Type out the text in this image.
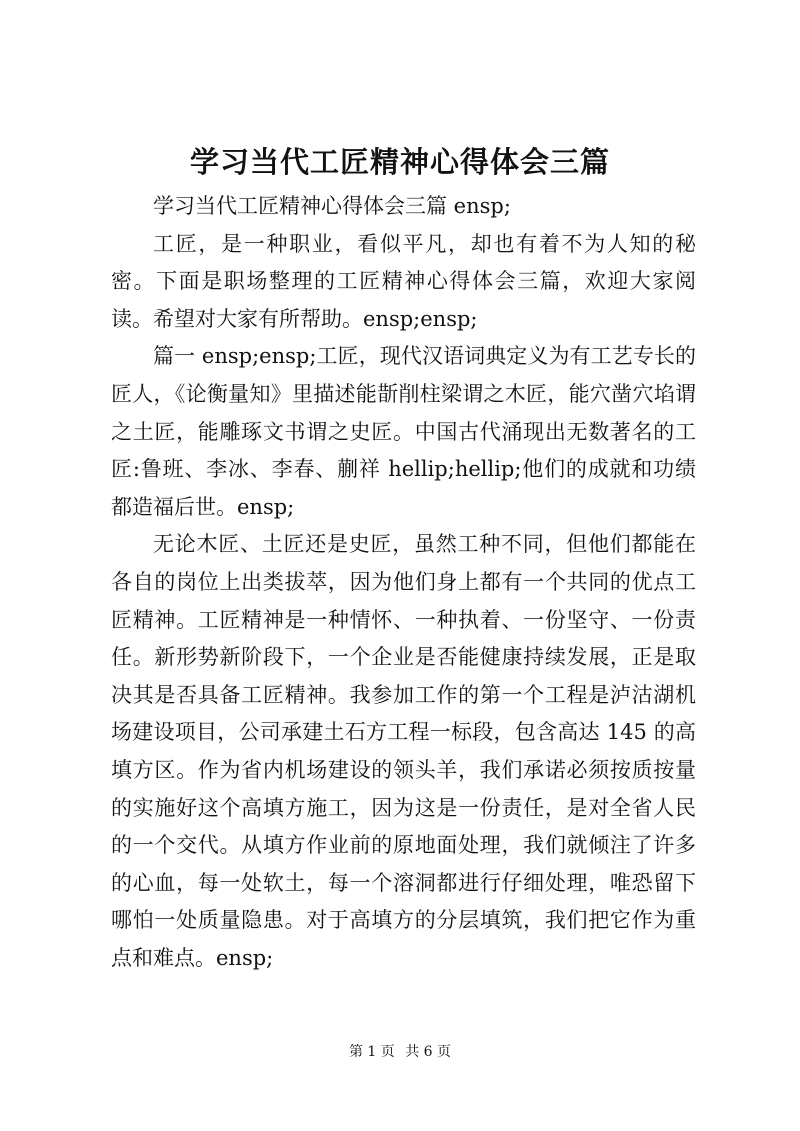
学习当代工匠精神心得体会三篇

学习当代工匠精神心得体会三篇 ensp;

工匠，是一种职业，看似平凡，却也有着不为人知的秘密。下面是职场整理的工匠精神心得体会三篇，欢迎大家阅读。希望对大家有所帮助。ensp;ensp;

篇一 ensp;ensp;工匠，现代汉语词典定义为有工艺专长的匠人，《论衡量知》里描述能斮削柱梁谓之木匠，能穴凿穴埳谓之土匠，能雕琢文书谓之史匠。中国古代涌现出无数著名的工匠:鲁班、李冰、李春、蒯祥 hellip;hellip;他们的成就和功绩都造福后世。ensp;

无论木匠、土匠还是史匠，虽然工种不同，但他们都能在各自的岗位上出类拔萃，因为他们身上都有一个共同的优点工匠精神。工匠精神是一种情怀、一种执着、一份坚守、一份责任。新形势新阶段下，一个企业是否能健康持续发展，正是取决其是否具备工匠精神。我参加工作的第一个工程是泸沽湖机场建设项目，公司承建土石方工程一标段，包含高达 145 的高填方区。作为省内机场建设的领头羊，我们承诺必须按质按量的实施好这个高填方施工，因为这是一份责任，是对全省人民的一个交代。从填方作业前的原地面处理，我们就倾注了许多的心血，每一处软土，每一个溶洞都进行仔细处理，唯恐留下哪怕一处质量隐患。对于高填方的分层填筑，我们把它作为重点和难点。ensp;

第 1 页 共 6 页
